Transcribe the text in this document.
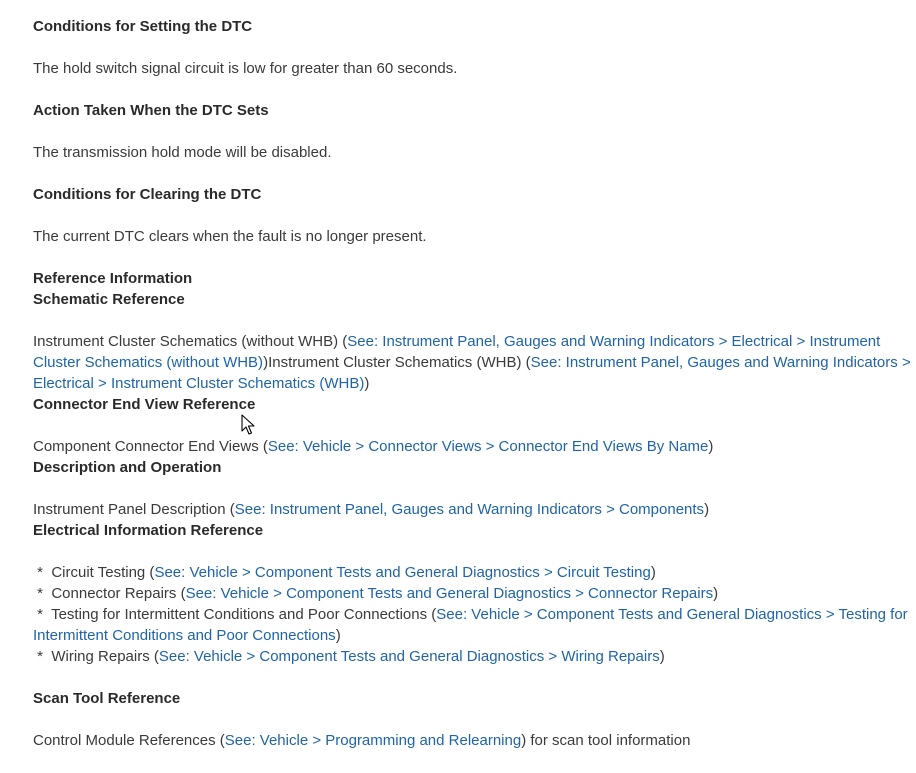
Conditions for Setting the DTC
The hold switch signal circuit is low for greater than 60 seconds.
Action Taken When the DTC Sets
The transmission hold mode will be disabled.
Conditions for Clearing the DTC
The current DTC clears when the fault is no longer present.
Reference Information
Schematic Reference
Instrument Cluster Schematics (without WHB) (See: Instrument Panel, Gauges and Warning Indicators > Electrical > Instrument Cluster Schematics (without WHB))Instrument Cluster Schematics (WHB) (See: Instrument Panel, Gauges and Warning Indicators > Electrical > Instrument Cluster Schematics (WHB))
Connector End View Reference
Component Connector End Views (See: Vehicle > Connector Views > Connector End Views By Name)
Description and Operation
Instrument Panel Description (See: Instrument Panel, Gauges and Warning Indicators > Components)
Electrical Information Reference
*  Circuit Testing (See: Vehicle > Component Tests and General Diagnostics > Circuit Testing)
*  Connector Repairs (See: Vehicle > Component Tests and General Diagnostics > Connector Repairs)
*  Testing for Intermittent Conditions and Poor Connections (See: Vehicle > Component Tests and General Diagnostics > Testing for Intermittent Conditions and Poor Connections)
*  Wiring Repairs (See: Vehicle > Component Tests and General Diagnostics > Wiring Repairs)
Scan Tool Reference
Control Module References (See: Vehicle > Programming and Relearning) for scan tool information
